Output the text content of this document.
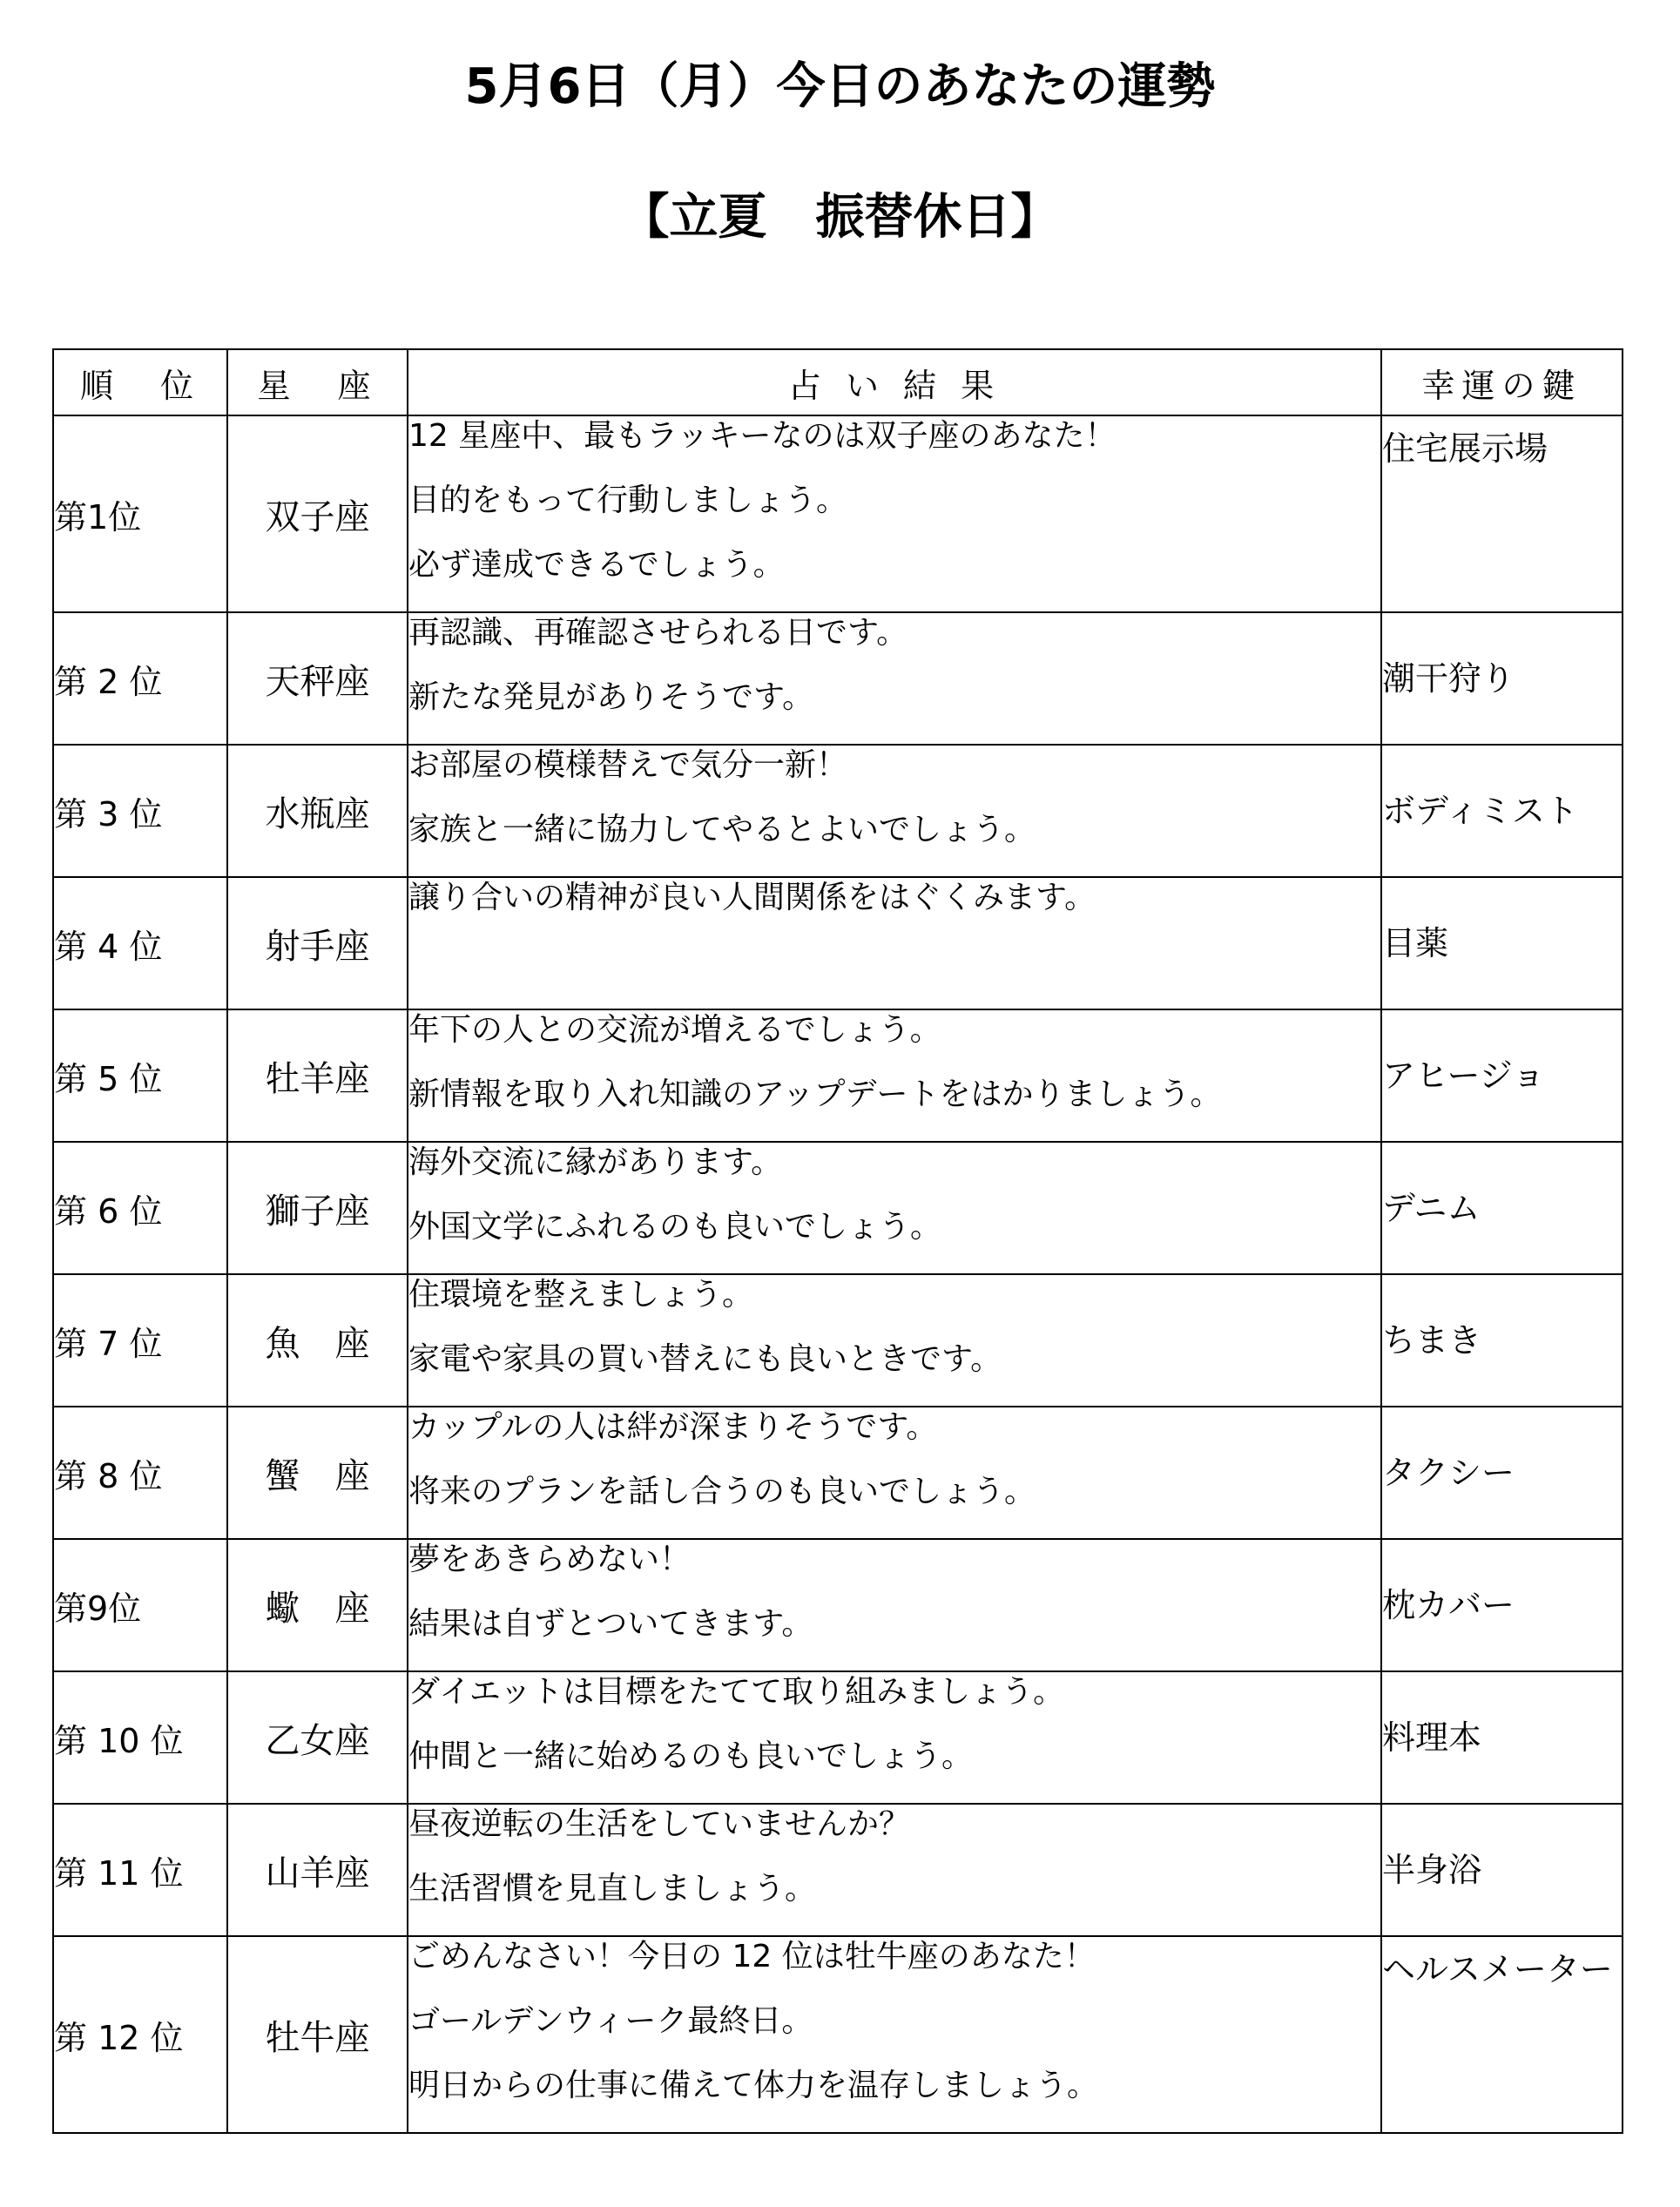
5月6日（月）今日のあなたの運勢
【立夏　振替休日】
順　位	星　座	占 い 結 果	幸運の鍵
第1位	双子座	12 星座中、最もラッキーなのは双子座のあなた！
目的をもって行動しましょう。
必ず達成できるでしょう。	住宅展示場
第 2 位	天秤座	再認識、再確認させられる日です。
新たな発見がありそうです。	潮干狩り
第 3 位	水瓶座	お部屋の模様替えで気分一新！
家族と一緒に協力してやるとよいでしょう。	ボディミスト
第 4 位	射手座	譲り合いの精神が良い人間関係をはぐくみます。	目薬
第 5 位	牡羊座	年下の人との交流が増えるでしょう。
新情報を取り入れ知識のアップデートをはかりましょう。	アヒージョ
第 6 位	獅子座	海外交流に縁があります。
外国文学にふれるのも良いでしょう。	デニム
第 7 位	魚　座	住環境を整えましょう。
家電や家具の買い替えにも良いときです。	ちまき
第 8 位	蟹　座	カップルの人は絆が深まりそうです。
将来のプランを話し合うのも良いでしょう。	タクシー
第9位	蠍　座	夢をあきらめない！
結果は自ずとついてきます。	枕カバー
第 10 位	乙女座	ダイエットは目標をたてて取り組みましょう。
仲間と一緒に始めるのも良いでしょう。	料理本
第 11 位	山羊座	昼夜逆転の生活をしていませんか？
生活習慣を見直しましょう。	半身浴
第 12 位	牡牛座	ごめんなさい！今日の 12 位は牡牛座のあなた！
ゴールデンウィーク最終日。
明日からの仕事に備えて体力を温存しましょう。	ヘルスメーター
